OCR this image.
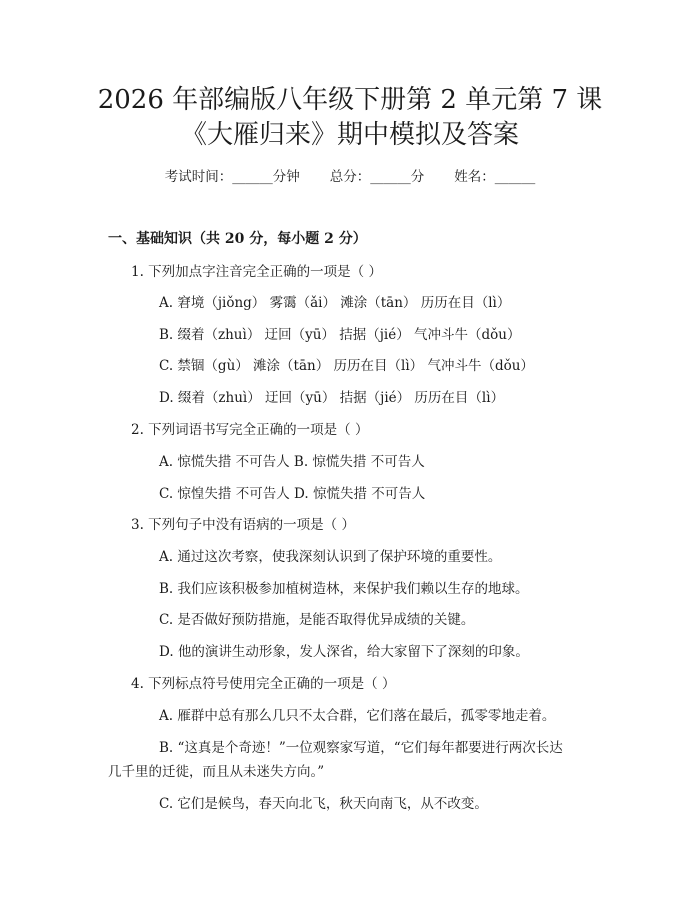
2026 年部编版八年级下册第 2 单元第 7 课
《大雁归来》期中模拟及答案
考试时间：______分钟 总分：______分 姓名：______
一、基础知识（共 20 分，每小题 2 分）
1. 下列加点字注音完全正确的一项是（ ）
A. 窘境（jiǒng） 雾霭（ǎi） 滩涂（tān） 历历在目（lì）
B. 缀着（zhuì） 迂回（yū） 拮据（jié） 气冲斗牛（dǒu）
C. 禁锢（gù） 滩涂（tān） 历历在目（lì） 气冲斗牛（dǒu）
D. 缀着（zhuì） 迂回（yū） 拮据（jié） 历历在目（lì）
2. 下列词语书写完全正确的一项是（ ）
A. 惊慌失措 不可告人 B. 惊慌失措 不可告人
C. 惊惶失措 不可告人 D. 惊慌失措 不可告人
3. 下列句子中没有语病的一项是（ ）
A. 通过这次考察，使我深刻认识到了保护环境的重要性。
B. 我们应该积极参加植树造林，来保护我们赖以生存的地球。
C. 是否做好预防措施，是能否取得优异成绩的关键。
D. 他的演讲生动形象，发人深省，给大家留下了深刻的印象。
4. 下列标点符号使用完全正确的一项是（ ）
A. 雁群中总有那么几只不太合群，它们落在最后，孤零零地走着。
B. “这真是个奇迹！”一位观察家写道，“它们每年都要进行两次长达
几千里的迁徙，而且从未迷失方向。”
C. 它们是候鸟，春天向北飞，秋天向南飞，从不改变。
